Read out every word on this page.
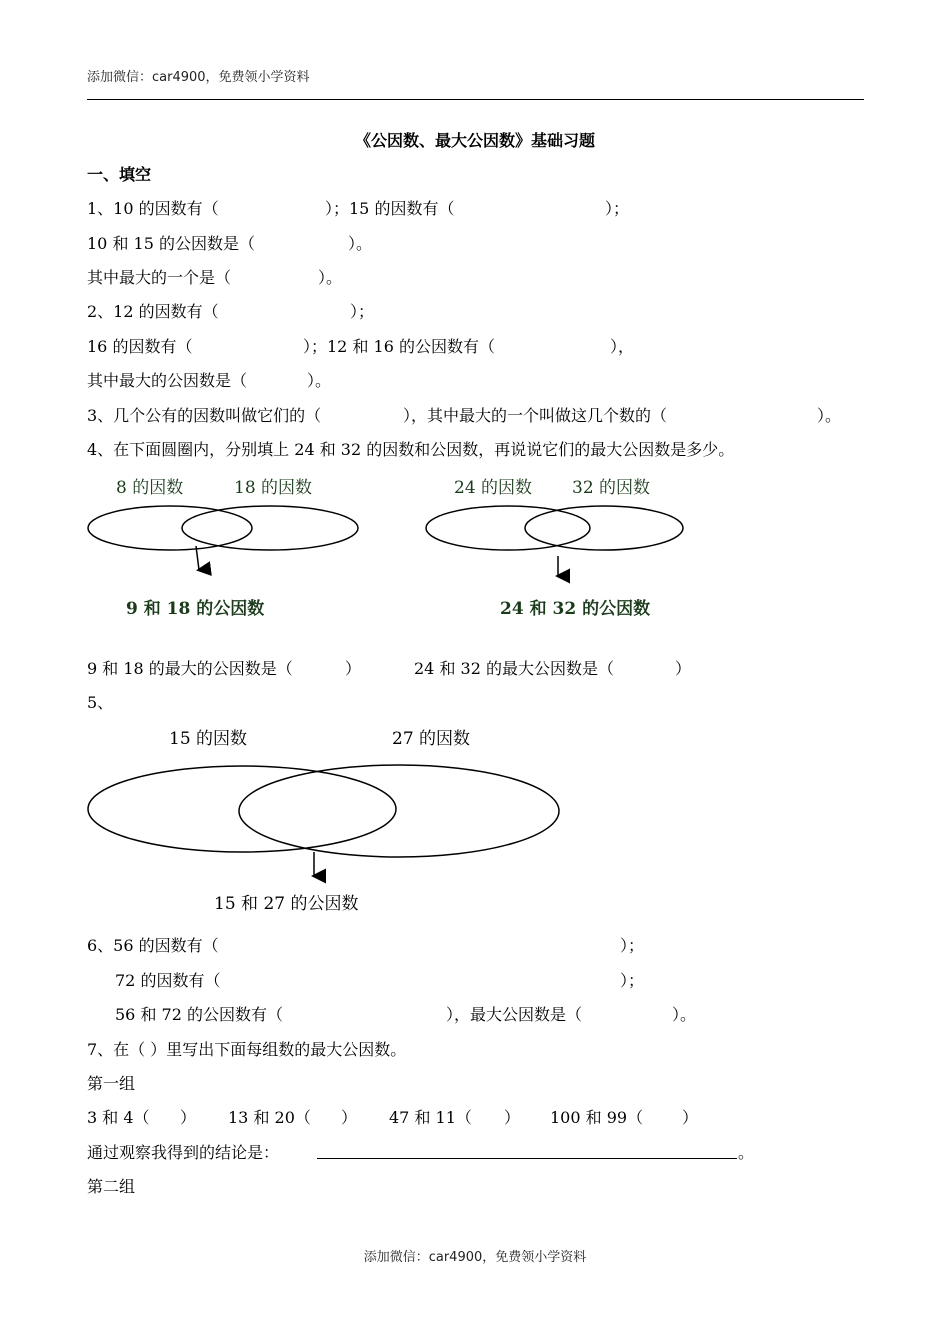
添加微信：car4900，免费领小学资料
《公因数、最大公因数》基础习题
一、填空
1、10 的因数有（	）；15 的因数有（	）；
10 和 15 的公因数是（	）。
其中最大的一个是（	）。
2、12 的因数有（	）；
16 的因数有（	）；12 和 16 的公因数有（	），
其中最大的公因数是（	）。
3、几个公有的因数叫做它们的（	），其中最大的一个叫做这几个数的（	）。
4、在下面圆圈内，分别填上 24 和 32 的因数和公因数，再说说它们的最大公因数是多少。
8 的因数	18 的因数
9 和 18 的公因数
24 的因数 32 的因数
24 和 32 的公因数
9 和 18 的最大的公因数是（	）	24 和 32 的最大公因数是（	）
5、
15 的因数	27 的因数
15 和 27 的公因数
6、56 的因数有（	）；
72 的因数有（	）；
56 和 72 的公因数有（	），最大公因数是（	）。
7、在（ ）里写出下面每组数的最大公因数。
第一组
3 和 4（ ） 13 和 20（ ） 47 和 11（ ） 100 和 99（ ）
通过观察我得到的结论是：	。
第二组
添加微信：car4900，免费领小学资料
